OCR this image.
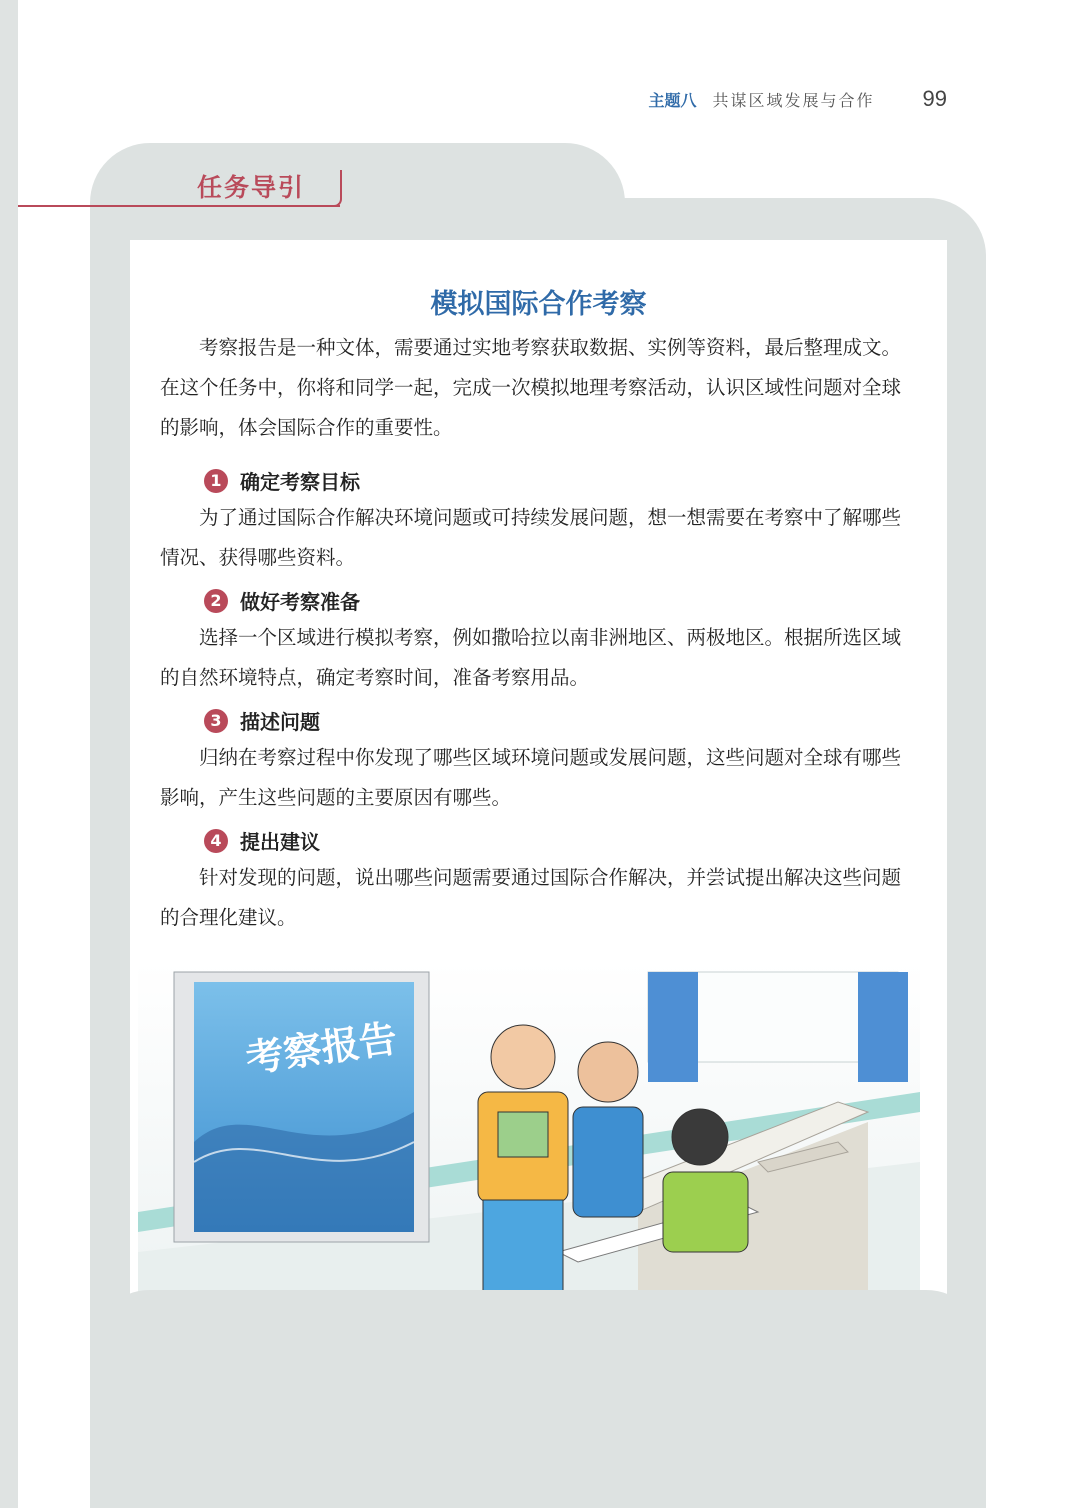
主题八 共谋区域发展与合作 99
任务导引
模拟国际合作考察
考察报告是一种文体，需要通过实地考察获取数据、实例等资料，最后整理成文。在这个任务中，你将和同学一起，完成一次模拟地理考察活动，认识区域性问题对全球的影响，体会国际合作的重要性。
1 确定考察目标
为了通过国际合作解决环境问题或可持续发展问题，想一想需要在考察中了解哪些情况、获得哪些资料。
2 做好考察准备
选择一个区域进行模拟考察，例如撒哈拉以南非洲地区、两极地区。根据所选区域的自然环境特点，确定考察时间，准备考察用品。
3 描述问题
归纳在考察过程中你发现了哪些区域环境问题或发展问题，这些问题对全球有哪些影响，产生这些问题的主要原因有哪些。
4 提出建议
针对发现的问题，说出哪些问题需要通过国际合作解决，并尝试提出解决这些问题的合理化建议。
考察报告
